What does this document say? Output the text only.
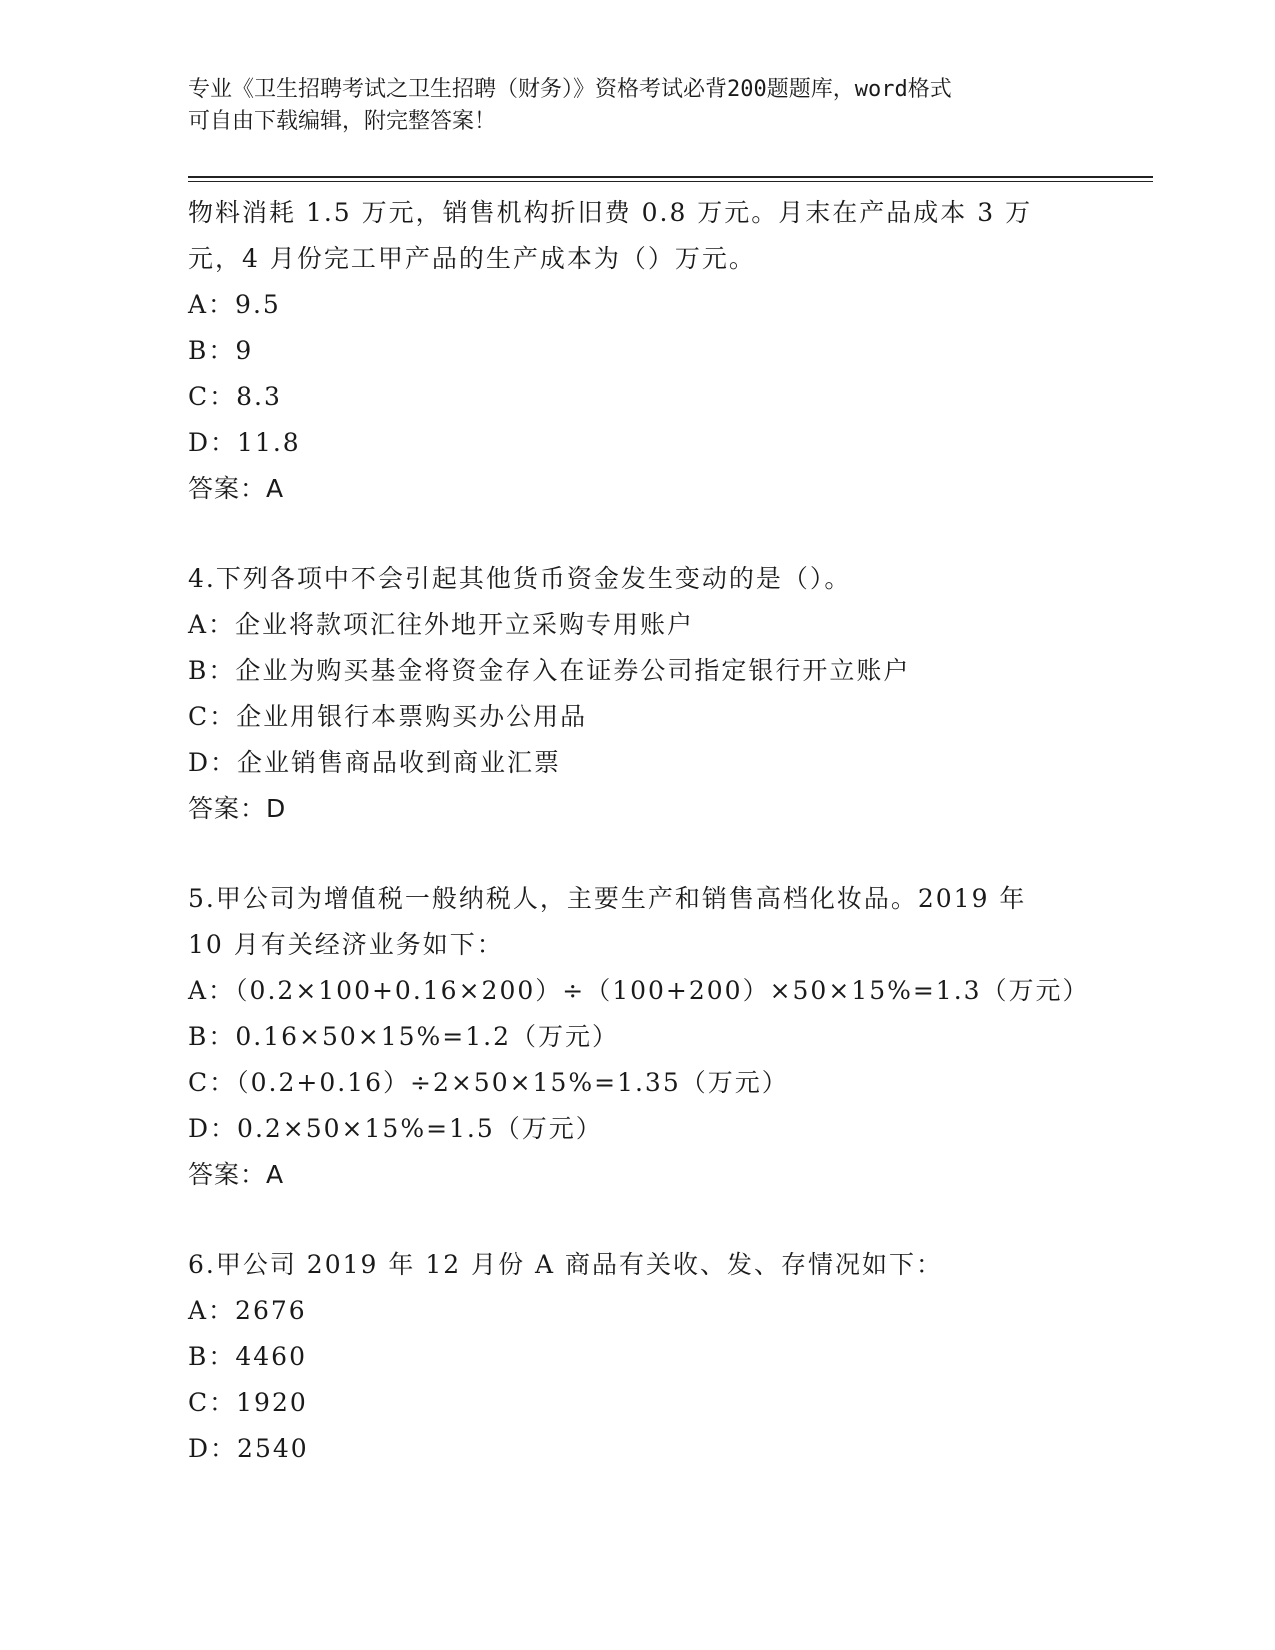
专业《卫生招聘考试之卫生招聘（财务）》资格考试必背200题题库，word格式
可自由下载编辑，附完整答案！
物料消耗 1.5 万元，销售机构折旧费 0.8 万元。月末在产品成本 3 万
元，4 月份完工甲产品的生产成本为（）万元。
A：9.5
B：9
C：8.3
D：11.8
答案：A
4.下列各项中不会引起其他货币资金发生变动的是（）。
A：企业将款项汇往外地开立采购专用账户
B：企业为购买基金将资金存入在证券公司指定银行开立账户
C：企业用银行本票购买办公用品
D：企业销售商品收到商业汇票
答案：D
5.甲公司为增值税一般纳税人，主要生产和销售高档化妆品。2019 年
10 月有关经济业务如下：
A：（0.2×100+0.16×200）÷（100+200）×50×15%=1.3（万元）
B：0.16×50×15%=1.2（万元）
C：（0.2+0.16）÷2×50×15%=1.35（万元）
D：0.2×50×15%=1.5（万元）
答案：A
6.甲公司 2019 年 12 月份 A 商品有关收、发、存情况如下：
A：2676
B：4460
C：1920
D：2540
